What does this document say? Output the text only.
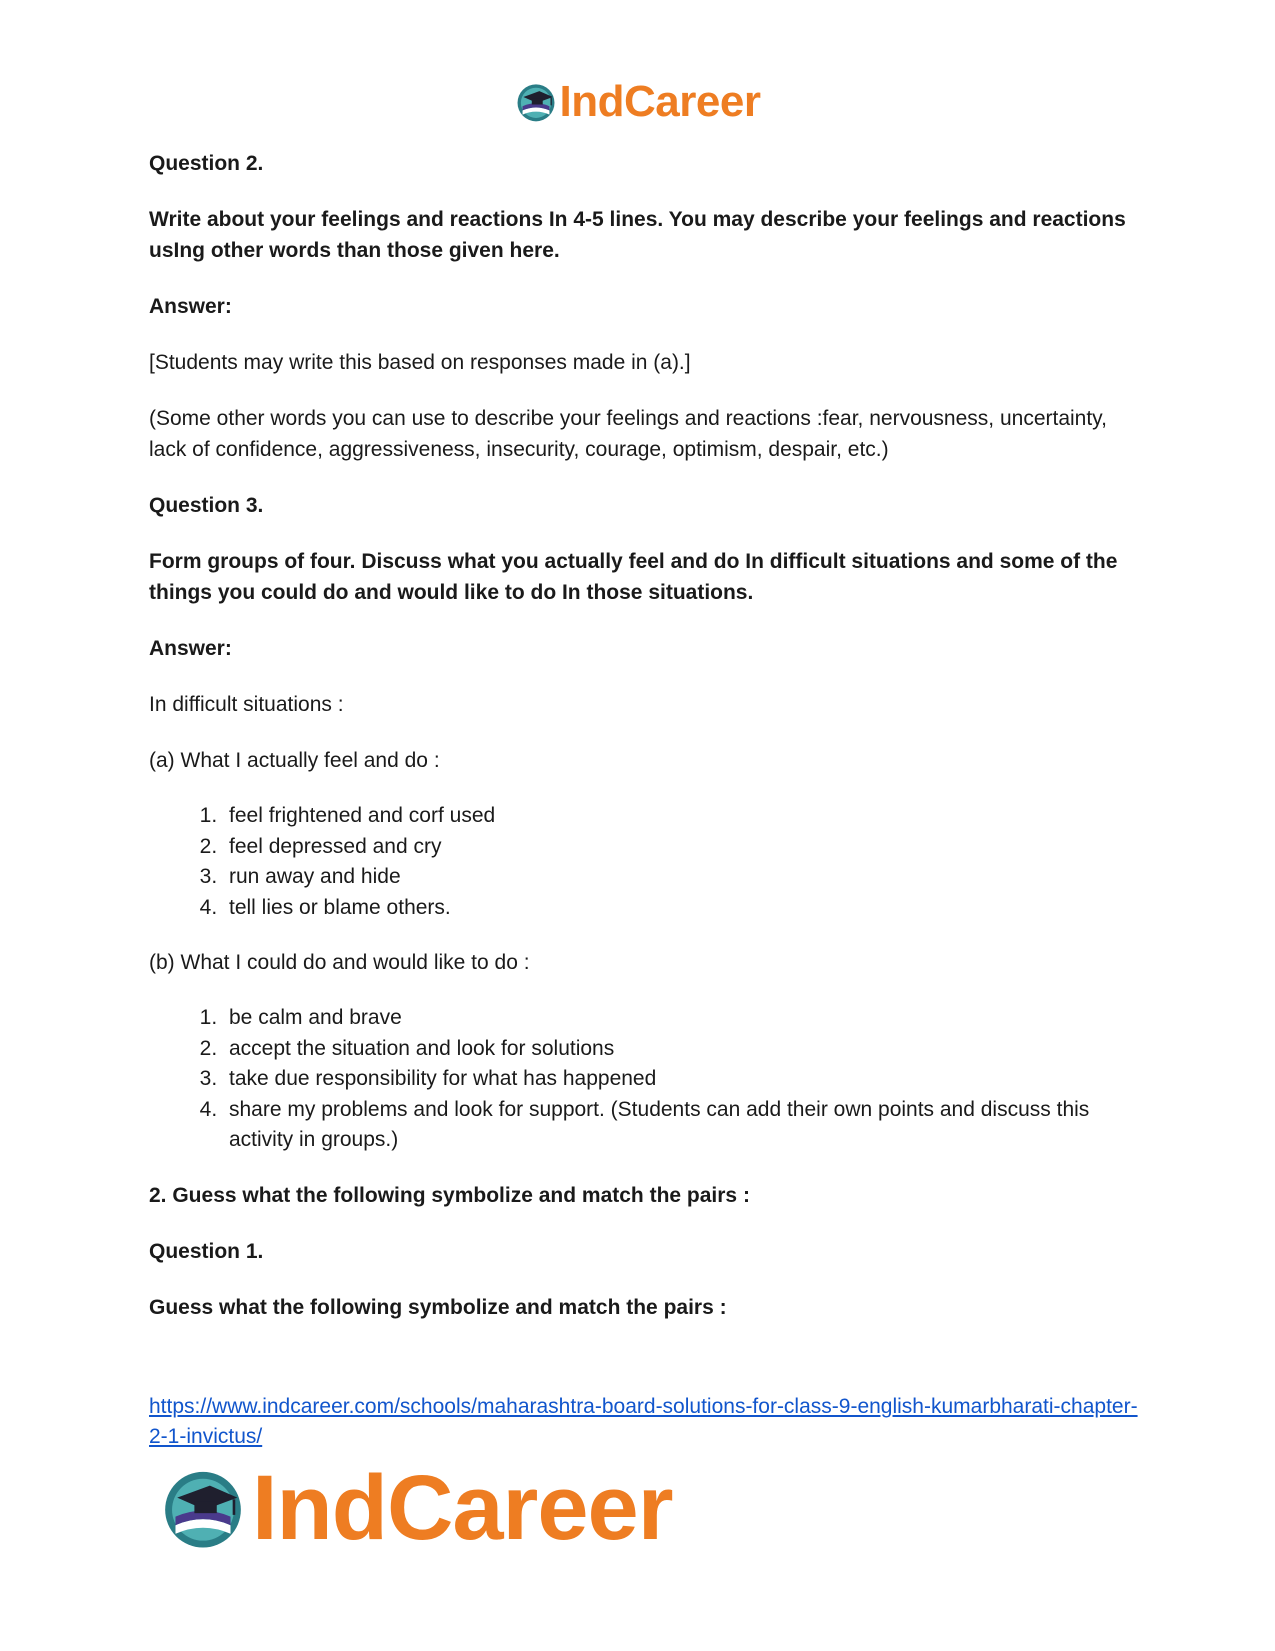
IndCareer

Question 2.

Write about your feelings and reactions In 4-5 lines. You may describe your feelings and reactions usIng other words than those given here.

Answer:

[Students may write this based on responses made in (a).]

(Some other words you can use to describe your feelings and reactions :fear, nervousness, uncertainty, lack of confidence, aggressiveness, insecurity, courage, optimism, despair, etc.)

Question 3.

Form groups of four. Discuss what you actually feel and do In difficult situations and some of the things you could do and would like to do In those situations.

Answer:

In difficult situations :

(a) What I actually feel and do :

1. feel frightened and corf used
2. feel depressed and cry
3. run away and hide
4. tell lies or blame others.

(b) What I could do and would like to do :

1. be calm and brave
2. accept the situation and look for solutions
3. take due responsibility for what has happened
4. share my problems and look for support. (Students can add their own points and discuss this activity in groups.)

2. Guess what the following symbolize and match the pairs :

Question 1.

Guess what the following symbolize and match the pairs :

https://www.indcareer.com/schools/maharashtra-board-solutions-for-class-9-english-kumarbharati-chapter-2-1-invictus/
IndCareer
